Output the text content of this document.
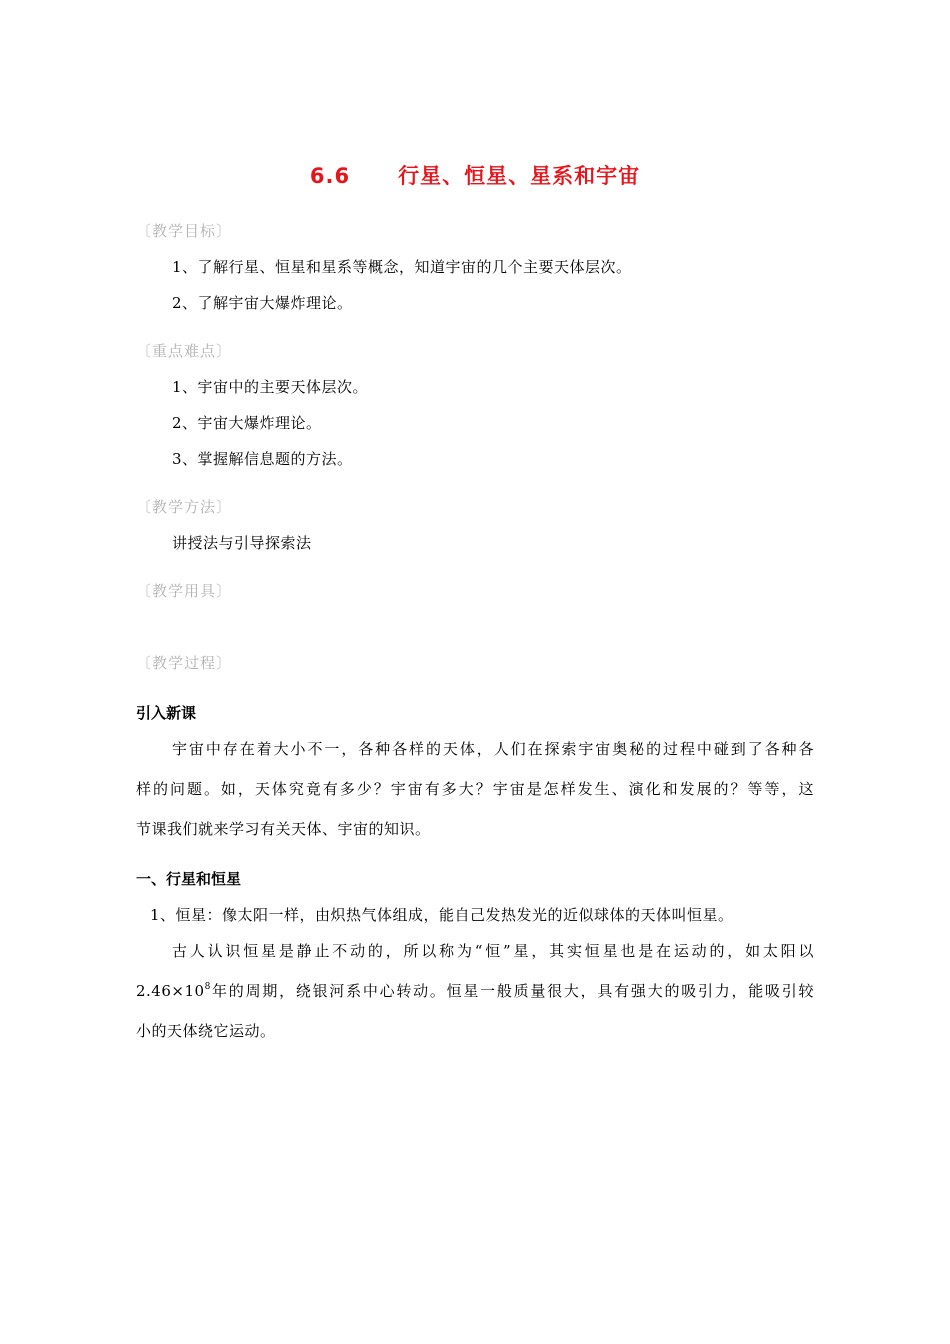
6.6 行星、恒星、星系和宇宙
〔教学目标〕
1、了解行星、恒星和星系等概念，知道宇宙的几个主要天体层次。
2、了解宇宙大爆炸理论。
〔重点难点〕
1、宇宙中的主要天体层次。
2、宇宙大爆炸理论。
3、掌握解信息题的方法。
〔教学方法〕
讲授法与引导探索法
〔教学用具〕
〔教学过程〕
引入新课
宇宙中存在着大小不一，各种各样的天体，人们在探索宇宙奥秘的过程中碰到了各种各
样的问题。如，天体究竟有多少？宇宙有多大？宇宙是怎样发生、演化和发展的？等等，这
节课我们就来学习有关天体、宇宙的知识。
一、行星和恒星
1、恒星：像太阳一样，由炽热气体组成，能自己发热发光的近似球体的天体叫恒星。
古人认识恒星是静止不动的，所以称为“恒”星，其实恒星也是在运动的，如太阳以
$2.46\times 10^8$年的周期，绕银河系中心转动。恒星一般质量很大，具有强大的吸引力，能吸引较
小的天体绕它运动。
